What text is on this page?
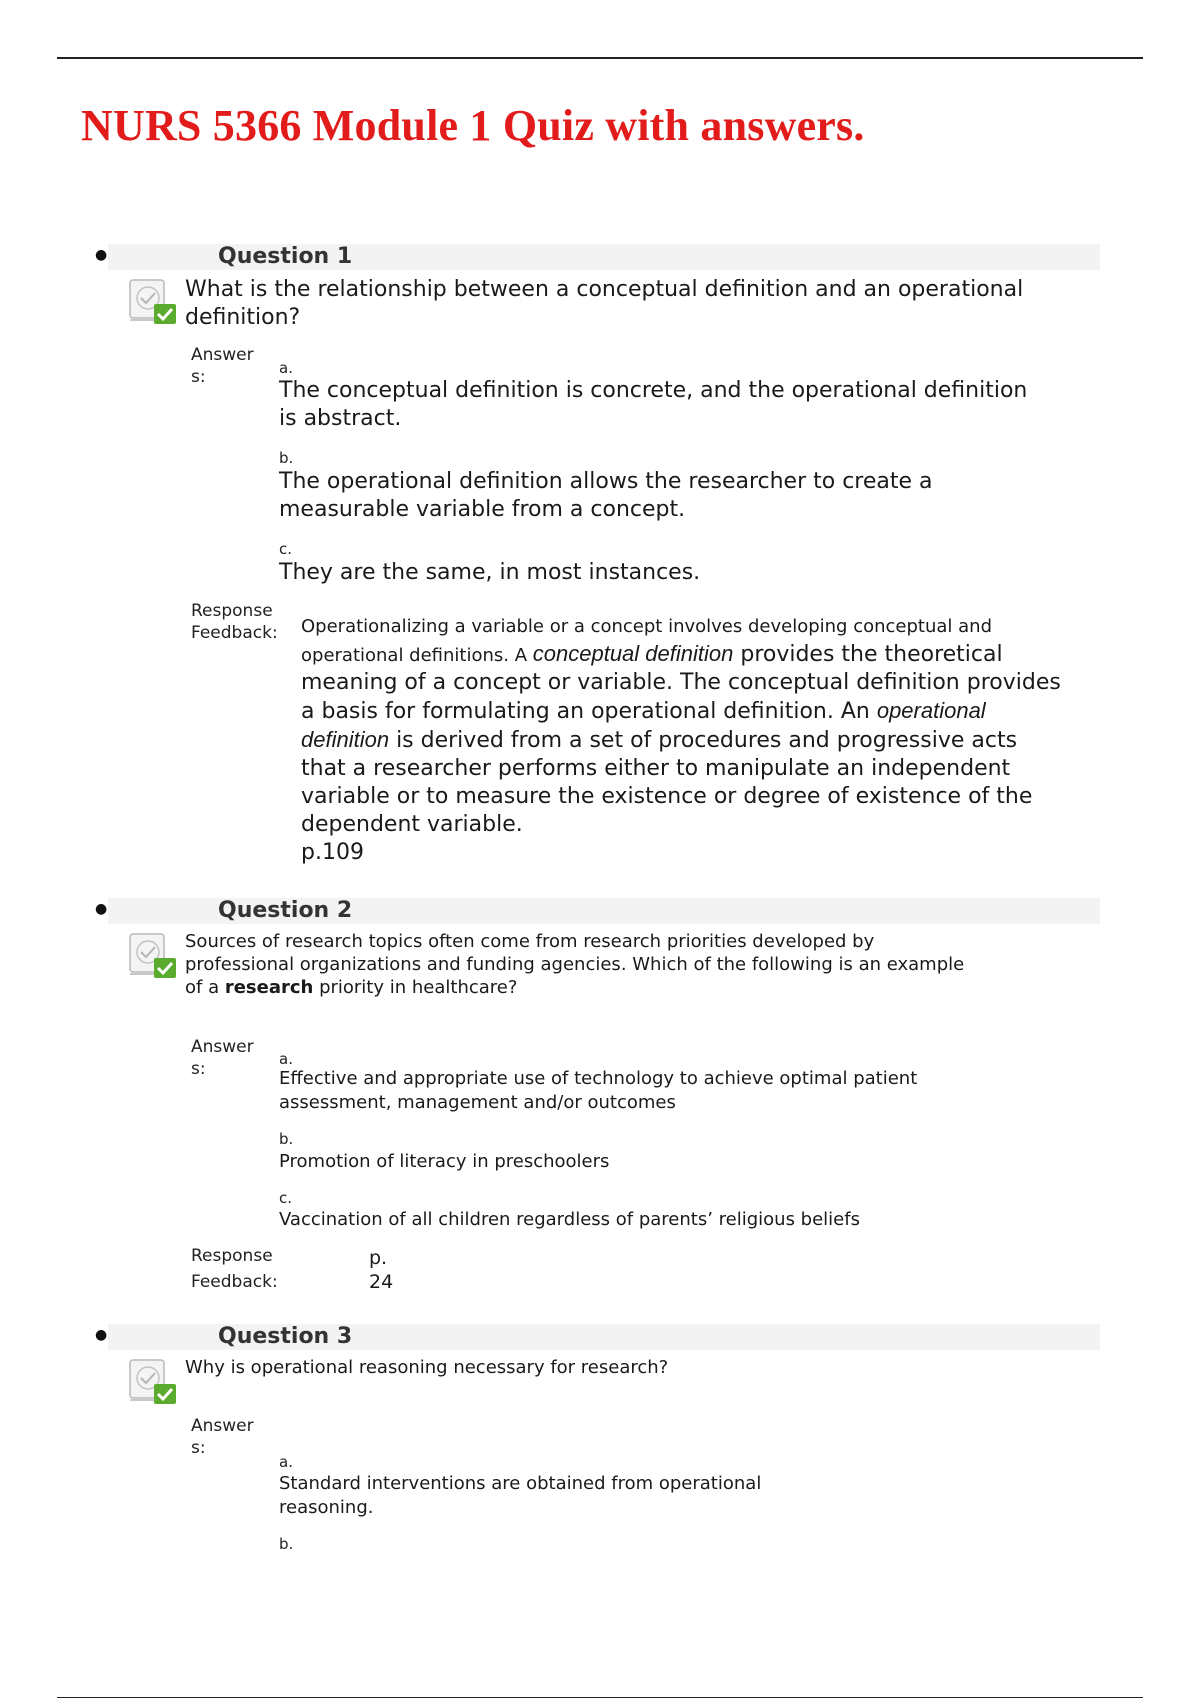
NURS 5366 Module 1 Quiz with answers.
●	Question 1
What is the relationship between a conceptual definition and an operational definition?
Answer
s:	a.
The conceptual definition is concrete, and the operational definition is abstract.
b.
The operational definition allows the researcher to create a measurable variable from a concept.
c.
They are the same, in most instances.
Response
Feedback: Operationalizing a variable or a concept involves developing conceptual and operational definitions. A conceptual definition provides the theoretical meaning of a concept or variable. The conceptual definition provides a basis for formulating an operational definition. An operational definition is derived from a set of procedures and progressive acts that a researcher performs either to manipulate an independent variable or to measure the existence or degree of existence of the dependent variable.
p.109
●	Question 2
Sources of research topics often come from research priorities developed by professional organizations and funding agencies. Which of the following is an example of a research priority in healthcare?
Answer
s:	a.
Effective and appropriate use of technology to achieve optimal patient assessment, management and/or outcomes
b.
Promotion of literacy in preschoolers
c.
Vaccination of all children regardless of parents’ religious beliefs
Response
Feedback:
p.
24
●	Question 3
Why is operational reasoning necessary for research?
Answer
s:
a.
Standard interventions are obtained from operational reasoning.
b.
